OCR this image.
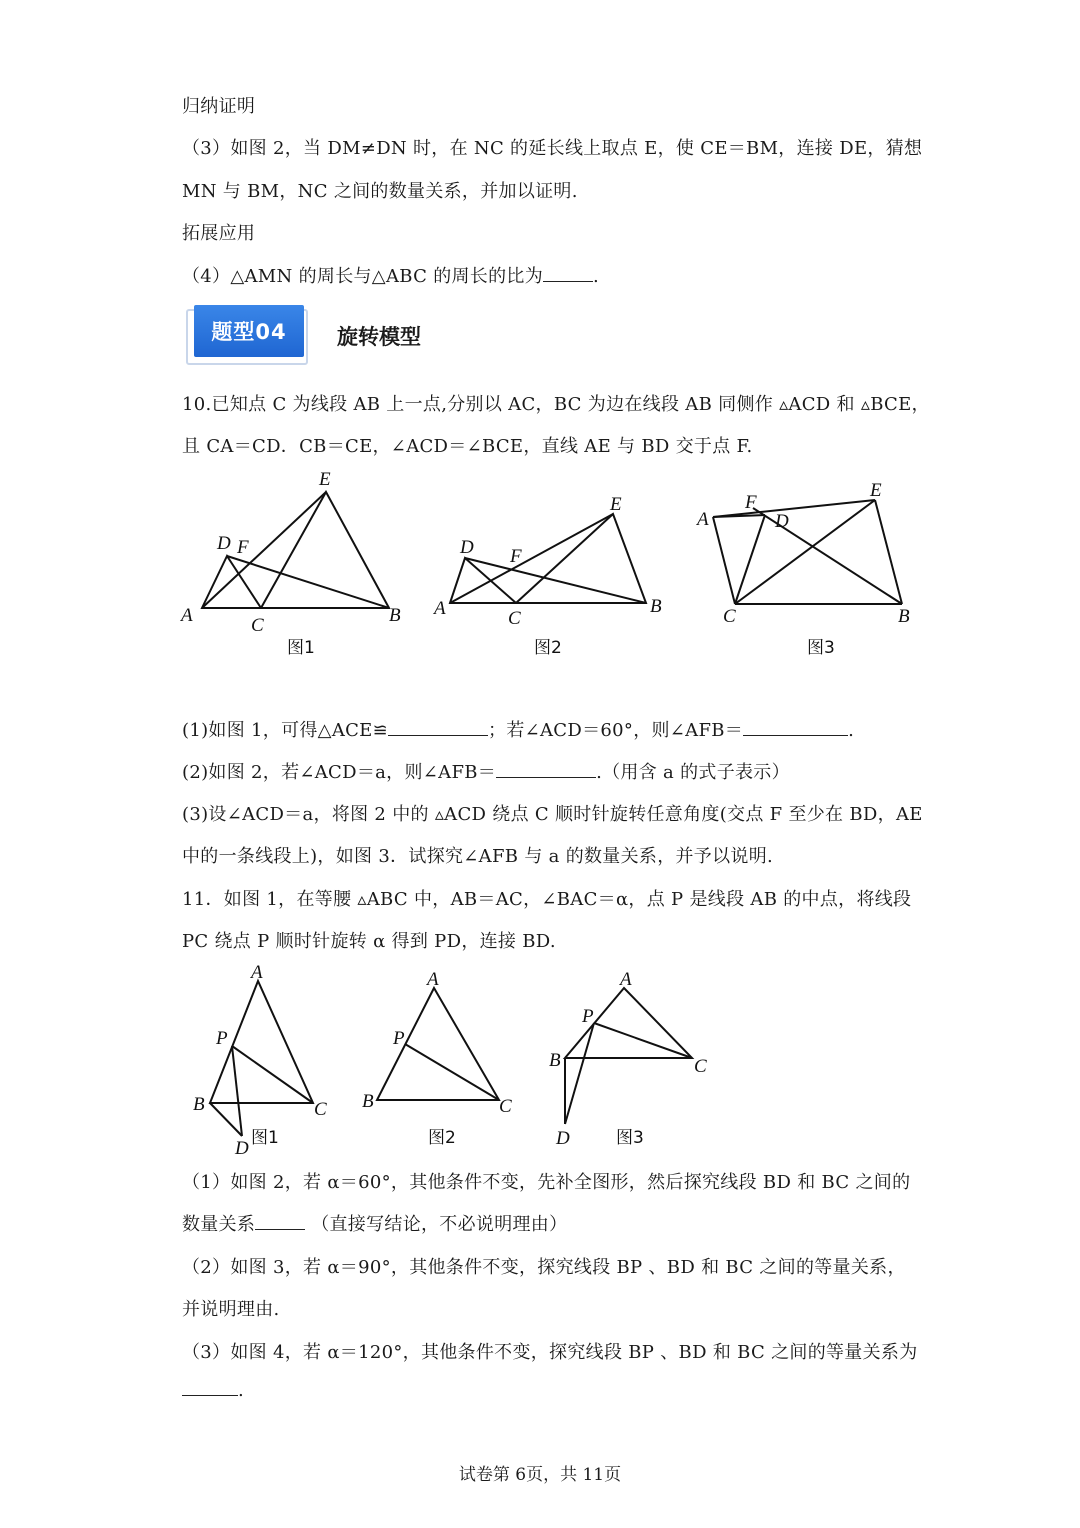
归纳证明
（3）如图 2，当 DM≠DN 时，在 NC 的延长线上取点 E，使 CE＝BM，连接 DE，猜想
MN 与 BM，NC 之间的数量关系，并加以证明.
拓展应用
（4）△AMN 的周长与△ABC 的周长的比为	.
题型04	旋转模型
10.已知点 C 为线段 AB 上一点,分别以 AC，BC 为边在线段 AB 同侧作 ▵ACD 和 ▵BCE，
且 CA＝CD．CB＝CE，∠ACD＝∠BCE，直线 AE 与 BD 交于点 F.
E
D F
A	C	B
图1
E
D F
A	C
B
图2
E
A
F
D
C	B
图3
(1)如图 1，可得△ACE≌	；若∠ACD＝60°，则∠AFB＝	.
(2)如图 2，若∠ACD＝a，则∠AFB＝	.（用含 a 的式子表示）
(3)设∠ACD＝a，将图 2 中的 ▵ACD 绕点 C 顺时针旋转任意角度(交点 F 至少在 BD，AE
中的一条线段上)，如图 3．试探究∠AFB 与 a 的数量关系，并予以说明.
11．如图 1，在等腰 ▵ABC 中，AB＝AC，∠BAC＝α，点 P 是线段 AB 的中点，将线段
PC 绕点 P 顺时针旋转 α 得到 PD，连接 BD.
A
P
B	C
D 图1
A
P
B	C
图2
A
P
B	C
D	图3
（1）如图 2，若 α＝60°，其他条件不变，先补全图形，然后探究线段 BD 和 BC 之间的
数量关系	（直接写结论，不必说明理由）
（2）如图 3，若 α＝90°，其他条件不变，探究线段 BP 、BD 和 BC 之间的等量关系，
并说明理由.
（3）如图 4，若 α＝120°，其他条件不变，探究线段 BP 、BD 和 BC 之间的等量关系为
.
试卷第 6页，共 11页
